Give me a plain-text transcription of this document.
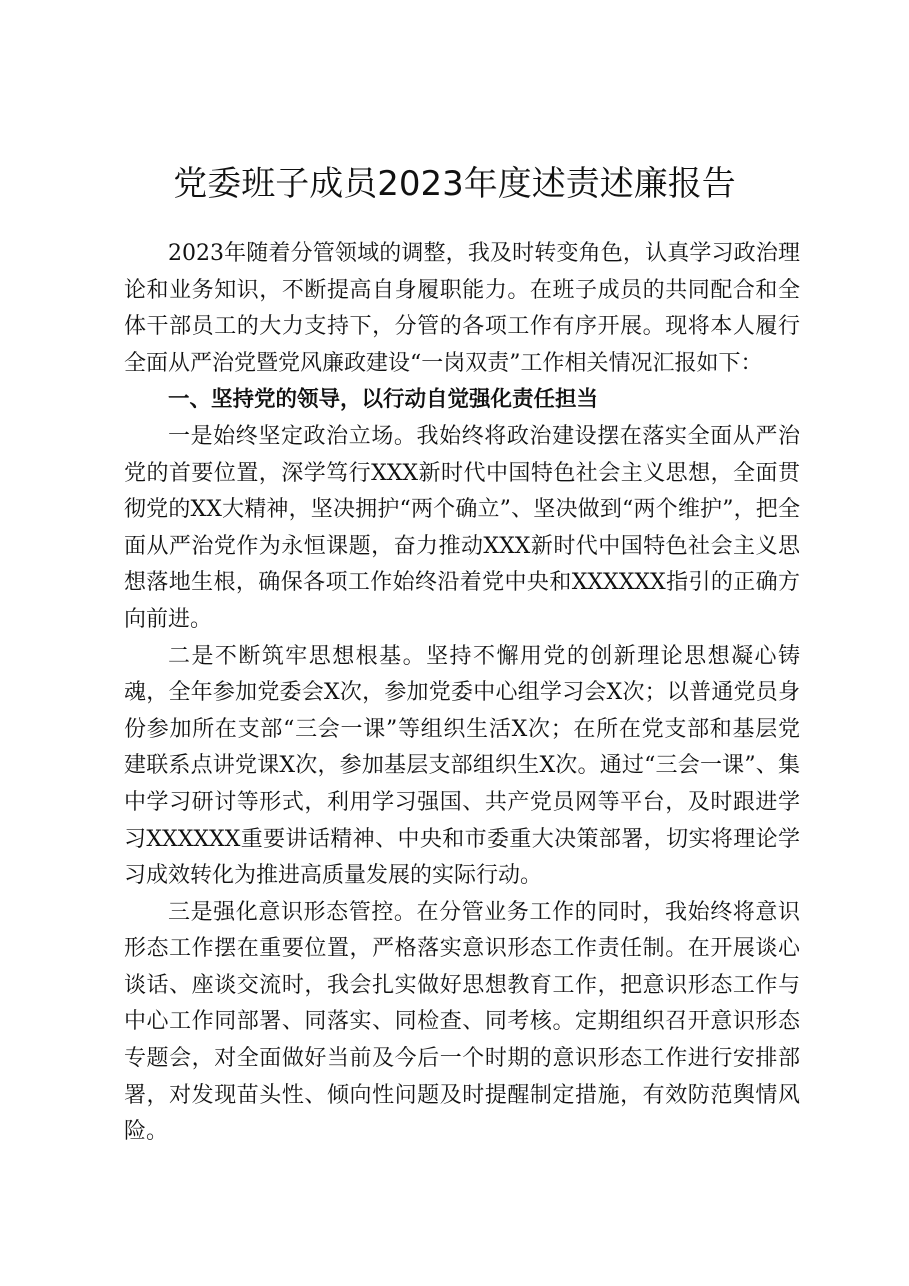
党委班子成员2023年度述责述廉报告

2023年随着分管领域的调整，我及时转变角色，认真学习政治理论和业务知识，不断提高自身履职能力。在班子成员的共同配合和全体干部员工的大力支持下，分管的各项工作有序开展。现将本人履行全面从严治党暨党风廉政建设“一岗双责”工作相关情况汇报如下：

一、坚持党的领导，以行动自觉强化责任担当

一是始终坚定政治立场。我始终将政治建设摆在落实全面从严治党的首要位置，深学笃行XXX新时代中国特色社会主义思想，全面贯彻党的XX大精神，坚决拥护“两个确立”、坚决做到“两个维护”，把全面从严治党作为永恒课题，奋力推动XXX新时代中国特色社会主义思想落地生根，确保各项工作始终沿着党中央和XXXXXX指引的正确方向前进。

二是不断筑牢思想根基。坚持不懈用党的创新理论思想凝心铸魂，全年参加党委会X次，参加党委中心组学习会X次；以普通党员身份参加所在支部“三会一课”等组织生活X次；在所在党支部和基层党建联系点讲党课X次，参加基层支部组织生X次。通过“三会一课”、集中学习研讨等形式，利用学习强国、共产党员网等平台，及时跟进学习XXXXXX重要讲话精神、中央和市委重大决策部署，切实将理论学习成效转化为推进高质量发展的实际行动。

三是强化意识形态管控。在分管业务工作的同时，我始终将意识形态工作摆在重要位置，严格落实意识形态工作责任制。在开展谈心谈话、座谈交流时，我会扎实做好思想教育工作，把意识形态工作与中心工作同部署、同落实、同检查、同考核。定期组织召开意识形态专题会，对全面做好当前及今后一个时期的意识形态工作进行安排部署，对发现苗头性、倾向性问题及时提醒制定措施，有效防范舆情风险。
